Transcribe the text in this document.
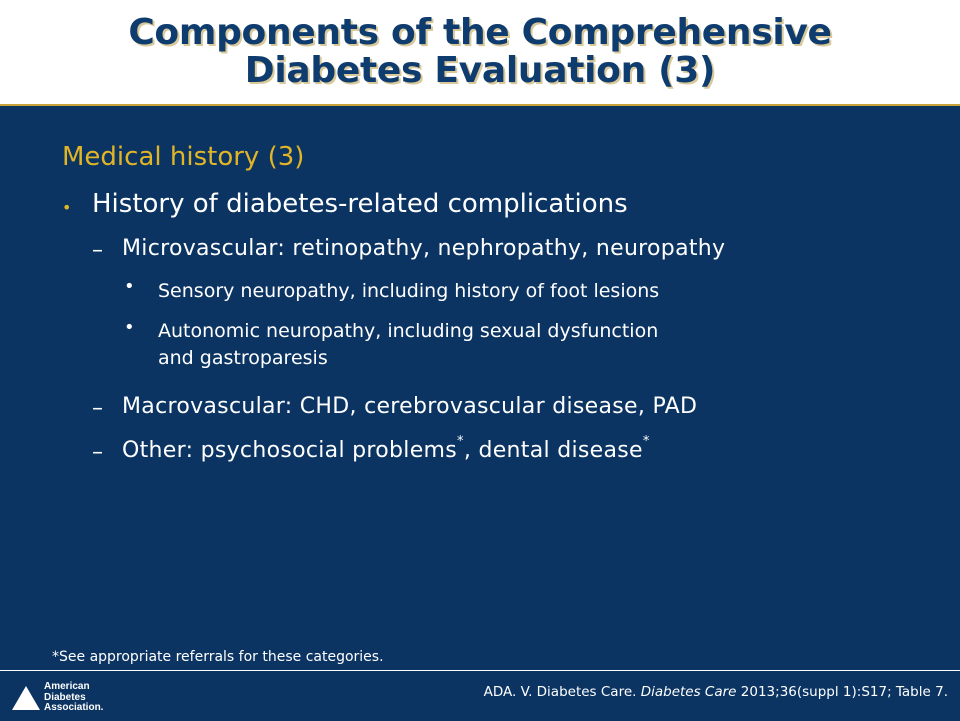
Components of the Comprehensive
Diabetes Evaluation (3)
Medical history (3)
• History of diabetes-related complications
– Microvascular: retinopathy, nephropathy, neuropathy
• Sensory neuropathy, including history of foot lesions
• Autonomic neuropathy, including sexual dysfunction
and gastroparesis
– Macrovascular: CHD, cerebrovascular disease, PAD
– Other: psychosocial problems*, dental disease*
*See appropriate referrals for these categories.
American
Diabetes
Association.
ADA. V. Diabetes Care. Diabetes Care 2013;36(suppl 1):S17; Table 7.
